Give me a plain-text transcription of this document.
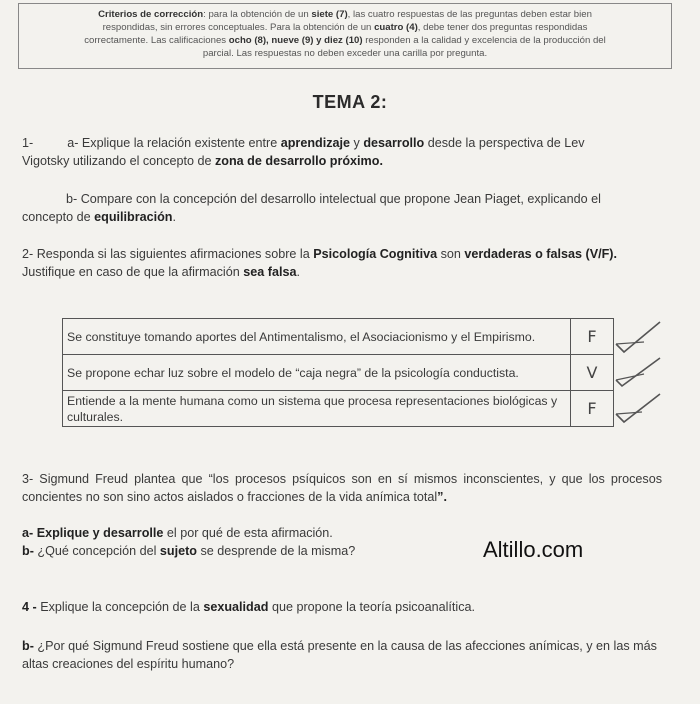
Criterios de corrección: para la obtención de un siete (7), las cuatro respuestas de las preguntas deben estar bien
respondidas, sin errores conceptuales. Para la obtención de un cuatro (4), debe tener dos preguntas respondidas
correctamente. Las calificaciones ocho (8), nueve (9) y diez (10) responden a la calidad y excelencia de la producción del
parcial. Las respuestas no deben exceder una carilla por pregunta.
TEMA 2:
1-	a- Explique la relación existente entre aprendizaje y desarrollo desde la perspectiva de Lev
Vigotsky utilizando el concepto de zona de desarrollo próximo.
b- Compare con la concepción del desarrollo intelectual que propone Jean Piaget, explicando el
concepto de equilibración.
2- Responda si las siguientes afirmaciones sobre la Psicología Cognitiva son verdaderas o falsas (V/F).
Justifique en caso de que la afirmación sea falsa.
Se constituye tomando aportes del Antimentalismo, el Asociacionismo y el Empirismo.	F
Se propone echar luz sobre el modelo de “caja negra” de la psicología conductista.	V
Entiende a la mente humana como un sistema que procesa representaciones biológicas y culturales.	F
3- Sigmund Freud plantea que “los procesos psíquicos son en sí mismos inconscientes, y que los procesos concientes no son sino actos aislados o fracciones de la vida anímica total”.
a- Explique y desarrolle el por qué de esta afirmación.
b- ¿Qué concepción del sujeto se desprende de la misma?	Altillo.com
4 - Explique la concepción de la sexualidad que propone la teoría psicoanalítica.
b- ¿Por qué Sigmund Freud sostiene que ella está presente en la causa de las afecciones anímicas, y en las más altas creaciones del espíritu humano?
